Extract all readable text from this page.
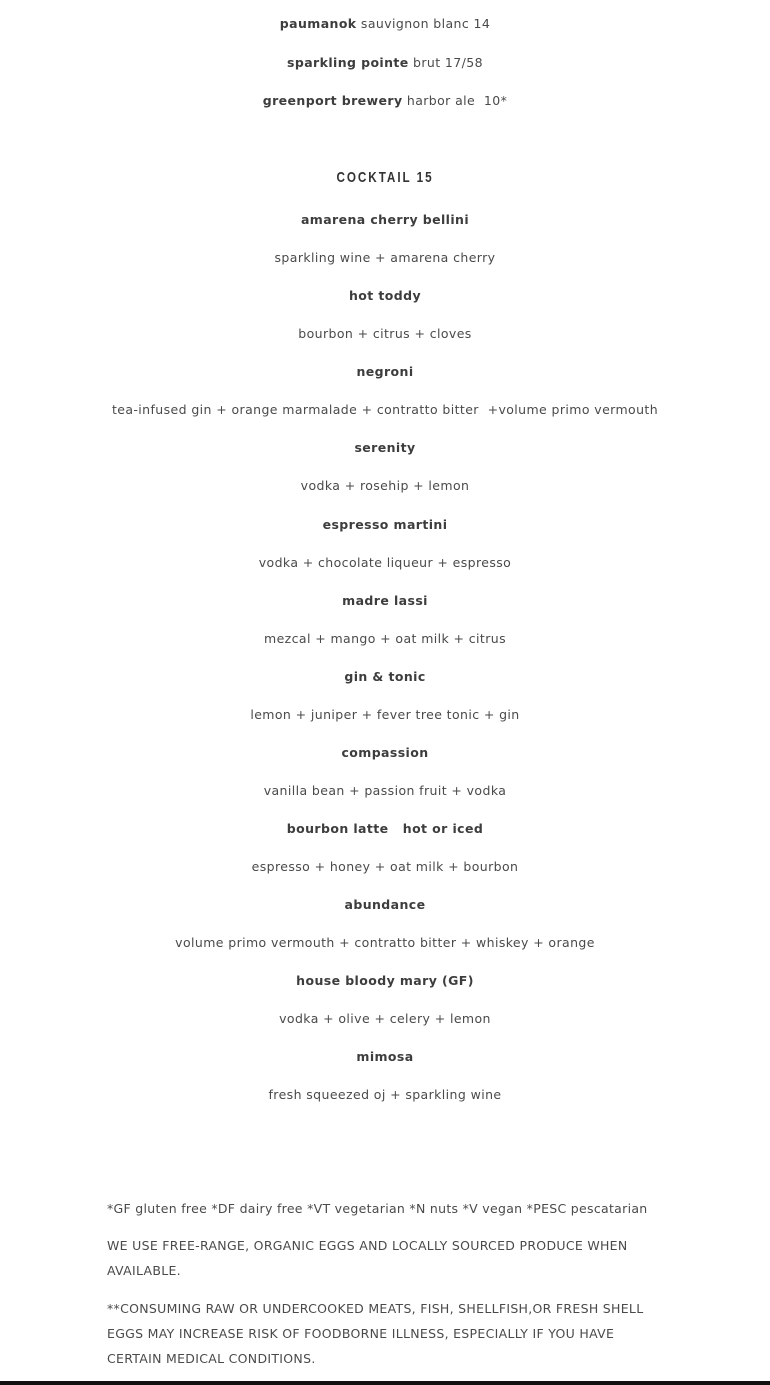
paumanok sauvignon blanc 14
sparkling pointe brut 17/58
greenport brewery harbor ale  10*
COCKTAIL 15
amarena cherry bellini
sparkling wine + amarena cherry
hot toddy
bourbon + citrus + cloves
negroni
tea-infused gin + orange marmalade + contratto bitter  +volume primo vermouth
serenity
vodka + rosehip + lemon
espresso martini
vodka + chocolate liqueur + espresso
madre lassi
mezcal + mango + oat milk + citrus
gin & tonic
lemon + juniper + fever tree tonic + gin
compassion
vanilla bean + passion fruit + vodka
bourbon latte   hot or iced
espresso + honey + oat milk + bourbon
abundance
volume primo vermouth + contratto bitter + whiskey + orange
house bloody mary (GF)
vodka + olive + celery + lemon
mimosa
fresh squeezed oj + sparkling wine
*GF gluten free *DF dairy free *VT vegetarian *N nuts *V vegan *PESC pescatarian
WE USE FREE-RANGE, ORGANIC EGGS AND LOCALLY SOURCED PRODUCE WHEN AVAILABLE.
**CONSUMING RAW OR UNDERCOOKED MEATS, FISH, SHELLFISH,OR FRESH SHELL EGGS MAY INCREASE RISK OF FOODBORNE ILLNESS, ESPECIALLY IF YOU HAVE CERTAIN MEDICAL CONDITIONS.
